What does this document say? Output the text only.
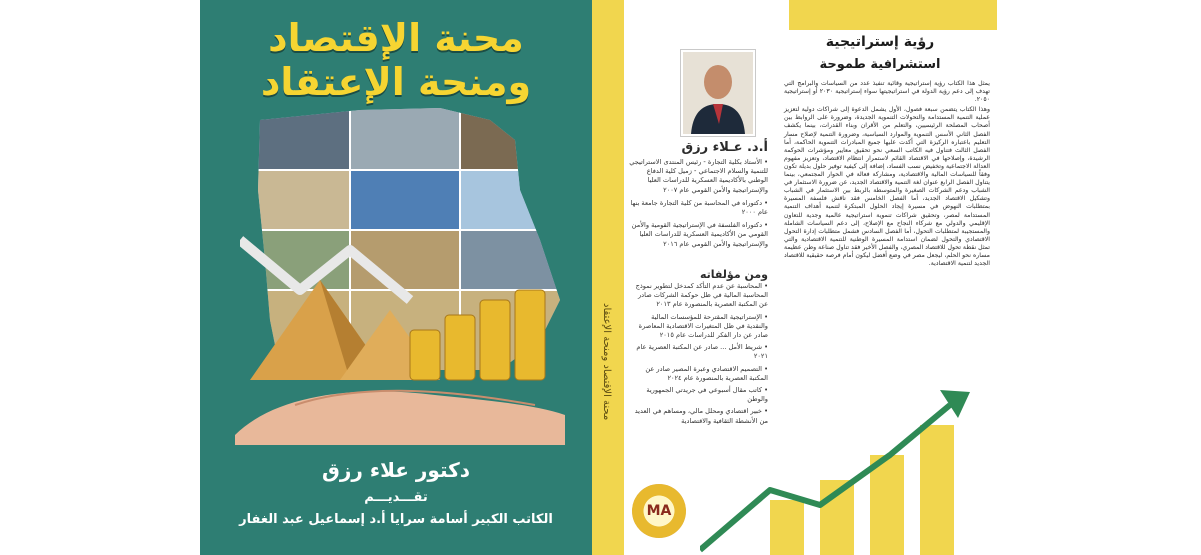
محنة الإقتصاد
ومنحة الإعتقاد
دكتور علاء رزق
تقـــديـــم
الكاتب الكبير أسامة سرايا أ.د إسماعيل عبد الغفار
محنة الإقتصاد ومنحة الإعتقاد
أ.د. عـلاء رزق

• الأستاذ بكلية التجارة - رئيس المنتدى الاستراتيجي للتنمية والسلام الاجتماعي - زميل كلية الدفاع الوطني بالأكاديمية العسكرية للدراسات العليا والإستراتيجية والأمن القومي عام ٢٠٠٧

• دكتوراه في المحاسبة من كلية التجارة جامعة بنها عام ٢٠٠٠

• دكتوراه الفلسفة في الإستراتيجية القومية والأمن القومي من الأكاديمية العسكرية للدراسات العليا والإستراتيجية والأمن القومي عام ٢٠١٦

ومن مؤلفاته

• المحاسبة عن عدم التأكد كمدخل لتطوير نموذج المحاسبة المالية في ظل حوكمة الشركات صادر عن المكتبة العصرية بالمنصورة عام ٢٠١٣

• الإستراتيجية المقترحة للمؤسسات المالية والنقدية في ظل المتغيرات الاقتصادية المعاصرة صادر عن دار الفكر للدراسات عام ٢٠١٥

• شريط الأمل ... صادر عن المكتبة العصرية عام ٢٠٢١

• التصميم الاقتصادي وعبرة المصير صادر عن المكتبة العصرية بالمنصورة عام ٢٠٢٤

• كاتب مقال أسبوعي في جريدتي الجمهورية والوطن

• خبير اقتصادي ومحلل مالي، ومساهم في العديد من الأنشطة الثقافية والاقتصادية

رؤية إستراتيجية
استشرافية طموحة

يمثل هذا الكتاب رؤية إستراتيجية وقائية تنفيذ عدد من السياسات والبرامج التي تهدف إلى دعم رؤية الدولة في استراتيجيتها سواء إستراتيجية ٢٠٣٠ أو إستراتيجية ٢٠٥٠.

وهذا الكتاب يتضمن سبعة فصول، الأول يشمل الدعوة إلى شراكات دولية لتعزيز عملية التنمية المستدامة والتحولات التنموية الجديدة، وضرورة على الروابط بين أصحاب المصلحة الرئيسيين، والتعلم من الأقران وبناء القدرات، بينما يكشف الفصل الثاني الأسس التنموية والموارد السياسية، وضرورة التنمية لإصلاح مسار التعليم باعتباره الركيزة التي أكدت عليها جميع المبادرات التنموية الحاكمة، أما الفصل الثالث فتناول فيه الكاتب السعي نحو تحقيق معايير ومؤشرات الحوكمة الرشيدة، وإصلاحها في الاقتصاد القائم لاستمرار انتظام الاقتصاد، وتعزيز مفهوم العدالة الاجتماعية وتخفيض نسب الفساد، إضافة إلى كيفية توفير حلول بديلة تكون وفقاً للسياسات المالية والاقتصادية، ومشاركة فعالة في الحوار المجتمعي، بينما يتناول الفصل الرابع عنوان لغة التنمية والاقتصاد الجديد، عن ضرورة الاستثمار في الشباب ودعم الشركات الصغيرة والمتوسطة بالربط بين الاستثمار في الشباب وتشكيل الاقتصاد الجديد، أما الفصل الخامس فقد ناقش فلسفة المسيرة بمتطلبات النهوض في مسيرة إيجاد الحلول المبتكرة لتنمية أهداف التنمية المستدامة لمصر، وتحقيق شراكات تنموية استراتيجية عالمية وجدية للتعاون الإقليمي والدولي مع شركاء النجاح مع الإصلاح، إلى دعم السياسات الشاملة والمستجيبة لمتطلبات التحول، أما الفصل السادس فشمل متطلبات إدارة التحول الاقتصادي والتحول لضمان استدامة المسيرة الوطنية للتنمية الاقتصادية والتي تمثل نقطة تحول للاقتصاد المصري، والفصل الأخير فقد تناول صناعة وطن عظيمة مساره نحو الحلم، ليجعل مصر في وضع أفضل ليكون أمام فرصة حقيقية للاقتصاد الجديد لتنمية الاقتصادية.

MA
